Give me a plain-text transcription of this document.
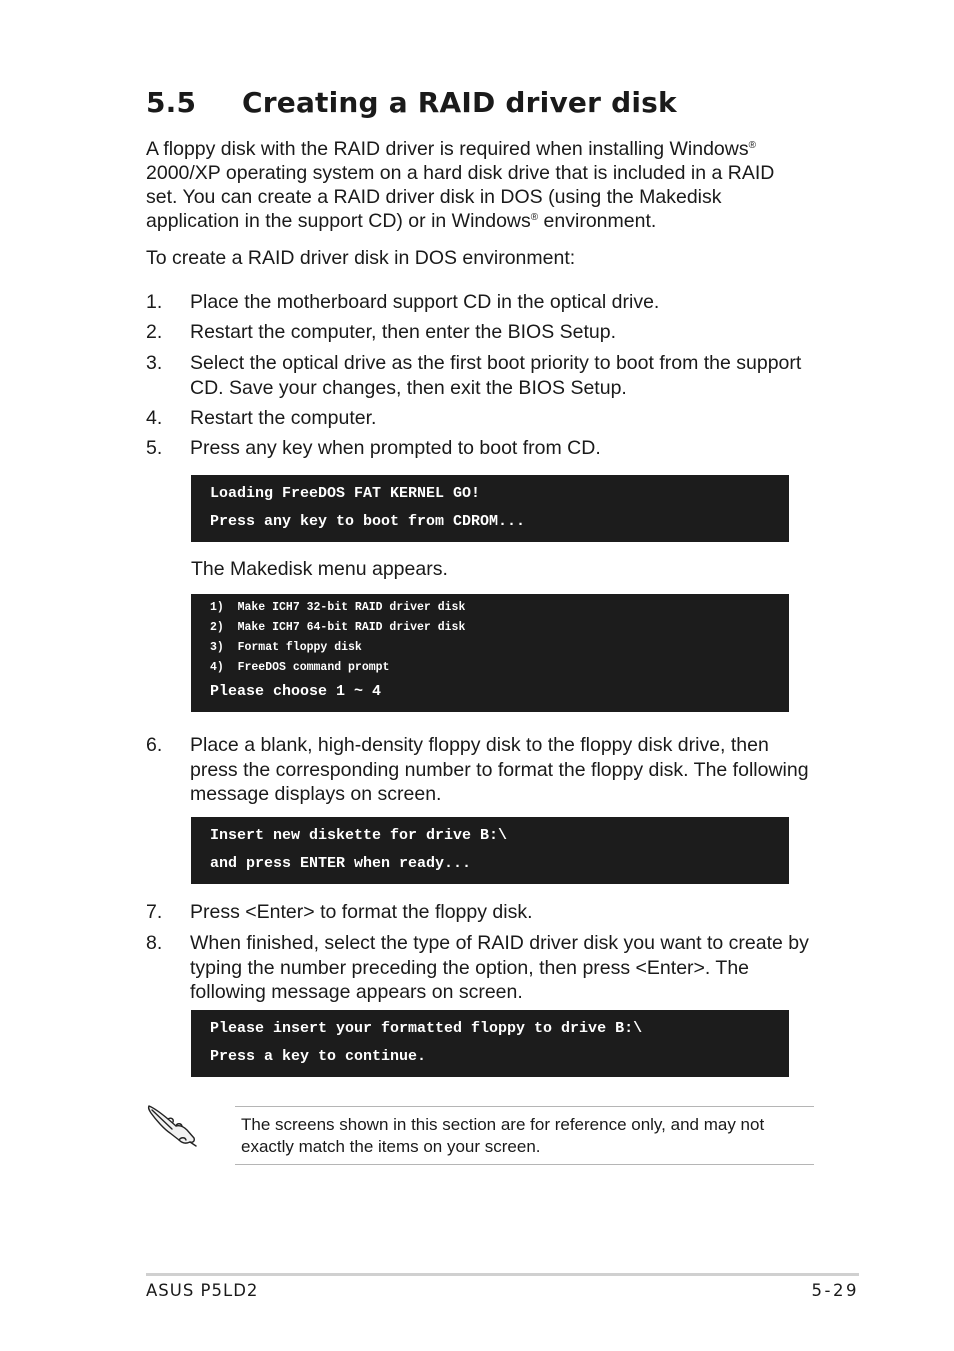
5.5 Creating a RAID driver disk

A floppy disk with the RAID driver is required when installing Windows® 2000/XP operating system on a hard disk drive that is included in a RAID set. You can create a RAID driver disk in DOS (using the Makedisk application in the support CD) or in Windows® environment.

To create a RAID driver disk in DOS environment:

1. Place the motherboard support CD in the optical drive.
2. Restart the computer, then enter the BIOS Setup.
3. Select the optical drive as the first boot priority to boot from the support CD. Save your changes, then exit the BIOS Setup.
4. Restart the computer.
5. Press any key when prompted to boot from CD.
Loading FreeDOS FAT KERNEL GO!
Press any key to boot from CDROM...

The Makedisk menu appears.

1)  Make ICH7 32-bit RAID driver disk
2)  Make ICH7 64-bit RAID driver disk
3)  Format floppy disk
4)  FreeDOS command prompt
Please choose 1 ~ 4
6. Place a blank, high-density floppy disk to the floppy disk drive, then press the corresponding number to format the floppy disk. The following message displays on screen.
Insert new diskette for drive B:\
and press ENTER when ready...
7. Press <Enter> to format the floppy disk.
8. When finished, select the type of RAID driver disk you want to create by typing the number preceding the option, then press <Enter>. The following message appears on screen.
Please insert your formatted floppy to drive B:\
Press a key to continue.

The screens shown in this section are for reference only, and may not exactly match the items on your screen.

ASUS P5LD2	5-29
